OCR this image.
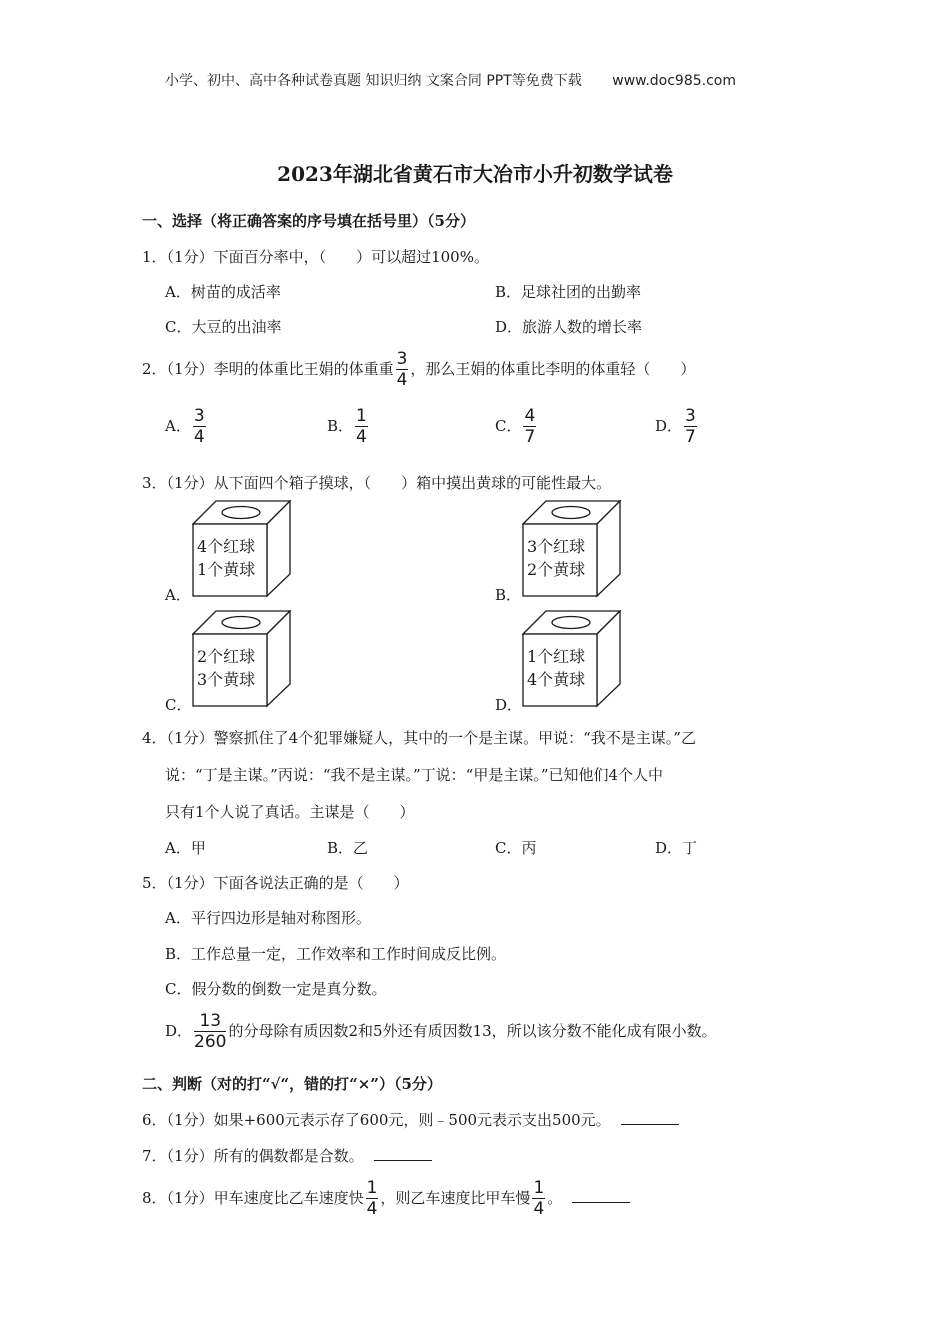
小学、初中、高中各种试卷真题 知识归纳 文案合同 PPT等免费下载 www.doc985.com
2023年湖北省黄石市大冶市小升初数学试卷
一、选择（将正确答案的序号填在括号里）（5分）
1．（1分）下面百分率中，（　　）可以超过100%。
A．树苗的成活率	B．足球社团的出勤率
C．大豆的出油率	D．旅游人数的增长率
2．（1分）李明的体重比王娟的体重重 $\frac{3}{4}$ ，那么王娟的体重比李明的体重轻（　　）
A． $\frac{3}{4}$	B． $\frac{1}{4}$	C． $\frac{4}{7}$	D． $\frac{3}{7}$
3．（1分）从下面四个箱子摸球，（　　）箱中摸出黄球的可能性最大。
A．
4个红球
1个黄球
B．
3个红球
2个黄球
C．
2个红球
3个黄球
D．
1个红球
4个黄球
4．（1分）警察抓住了4个犯罪嫌疑人，其中的一个是主谋。甲说：“我不是主谋。”乙
说：“丁是主谋。”丙说：“我不是主谋。”丁说：“甲是主谋。”已知他们4个人中
只有1个人说了真话。主谋是（　　）
A．甲	B．乙	C．丙	D．丁
5．（1分）下面各说法正确的是（　　）
A．平行四边形是轴对称图形。
B．工作总量一定，工作效率和工作时间成反比例。
C．假分数的倒数一定是真分数。
D． $\frac{13}{260}$ 的分母除有质因数2和5外还有质因数13，所以该分数不能化成有限小数。
二、判断（对的打“√“，错的打“×”）（5分）
6．（1分）如果+600元表示存了600元，则﹣500元表示支出500元。
7．（1分）所有的偶数都是合数。
8．（1分）甲车速度比乙车速度快 $\frac{1}{4}$ ，则乙车速度比甲车慢 $\frac{1}{4}$ 。
